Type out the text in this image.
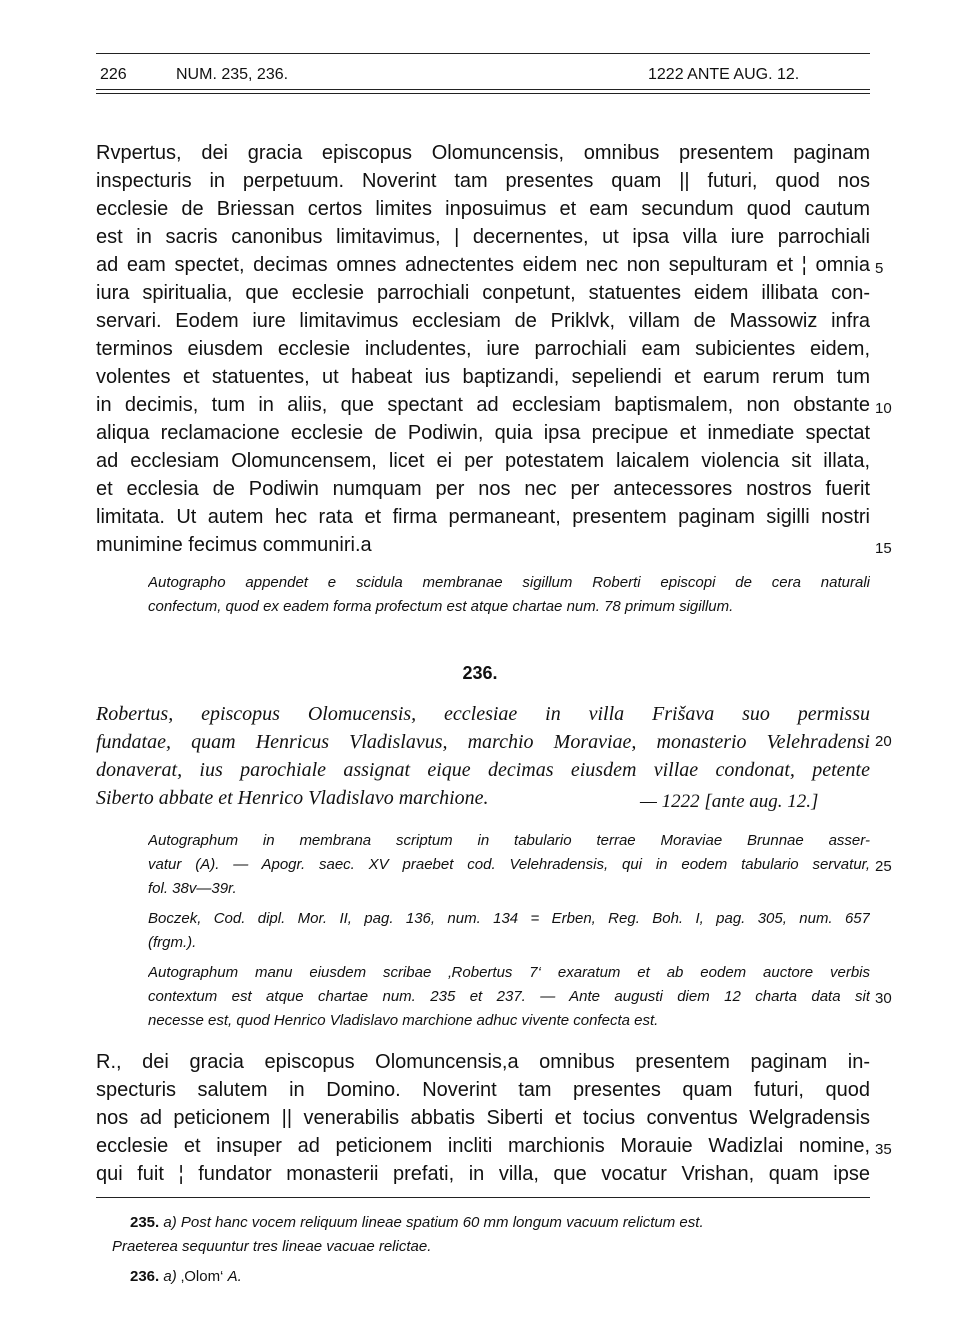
226	NUM. 235, 236.	1222 ANTE AUG. 12.
Rvpertus, dei gracia episcopus Olomuncensis, omnibus presentem paginam
inspecturis in perpetuum. Noverint tam presentes quam || futuri, quod nos
ecclesie de Briessan certos limites inposuimus et eam secundum quod cautum
est in sacris canonibus limitavimus, | decernentes, ut ipsa villa iure parrochiali
ad eam spectet, decimas omnes adnectentes eidem nec non sepulturam et ¦ omnia
iura spiritualia, que ecclesie parrochiali conpetunt, statuentes eidem illibata con-
servari. Eodem iure limitavimus ecclesiam de Priklvk, villam de Massowiz infra
terminos eiusdem ecclesie includentes, iure parrochiali eam subicientes eidem,
volentes et statuentes, ut habeat ius baptizandi, sepeliendi et earum rerum tum
in decimis, tum in aliis, que spectant ad ecclesiam baptismalem, non obstante
aliqua reclamacione ecclesie de Podiwin, quia ipsa precipue et inmediate spectat
ad ecclesiam Olomuncensem, licet ei per potestatem laicalem violencia sit illata,
et ecclesia de Podiwin numquam per nos nec per antecessores nostros fuerit
limitata. Ut autem hec rata et firma permaneant, presentem paginam sigilli nostri
munimine fecimus communiri.a
5
10
15
Autographo appendet e scidula membranae sigillum Roberti episcopi de cera naturali
confectum, quod ex eadem forma profectum est atque chartae num. 78 primum sigillum.
236.
Robertus, episcopus Olomucensis, ecclesiae in villa Frišava suo permissu
fundatae, quam Henricus Vladislavus, marchio Moraviae, monasterio Velehradensi
donaverat, ius parochiale assignat eique decimas eiusdem villae condonat, petente
Siberto abbate et Henrico Vladislavo marchione.	— 1222 [ante aug. 12.]
20
Autographum in membrana scriptum in tabulario terrae Moraviae Brunnae asser-
vatur (A). — Apogr. saec. XV praebet cod. Velehradensis, qui in eodem tabulario servatur,
fol. 38v—39r.
25
Boczek, Cod. dipl. Mor. II, pag. 136, num. 134 = Erben, Reg. Boh. I, pag. 305, num. 657
(frgm.).
Autographum manu eiusdem scribae ‚Robertus 7‘ exaratum et ab eodem auctore verbis
contextum est atque chartae num. 235 et 237. — Ante augusti diem 12 charta data sit
necesse est, quod Henrico Vladislavo marchione adhuc vivente confecta est.
30
R., dei gracia episcopus Olomuncensis,a omnibus presentem paginam in-
specturis salutem in Domino. Noverint tam presentes quam futuri, quod
nos ad peticionem || venerabilis abbatis Siberti et tocius conventus Welgradensis
ecclesie et insuper ad peticionem incliti marchionis Morauie Wadizlai nomine,
qui fuit ¦ fundator monasterii prefati, in villa, que vocatur Vrishan, quam ipse
35
235. a) Post hanc vocem reliquum lineae spatium 60 mm longum vacuum relictum est.
Praeterea sequuntur tres lineae vacuae relictae.
236. a) ‚Olom‘ A.
